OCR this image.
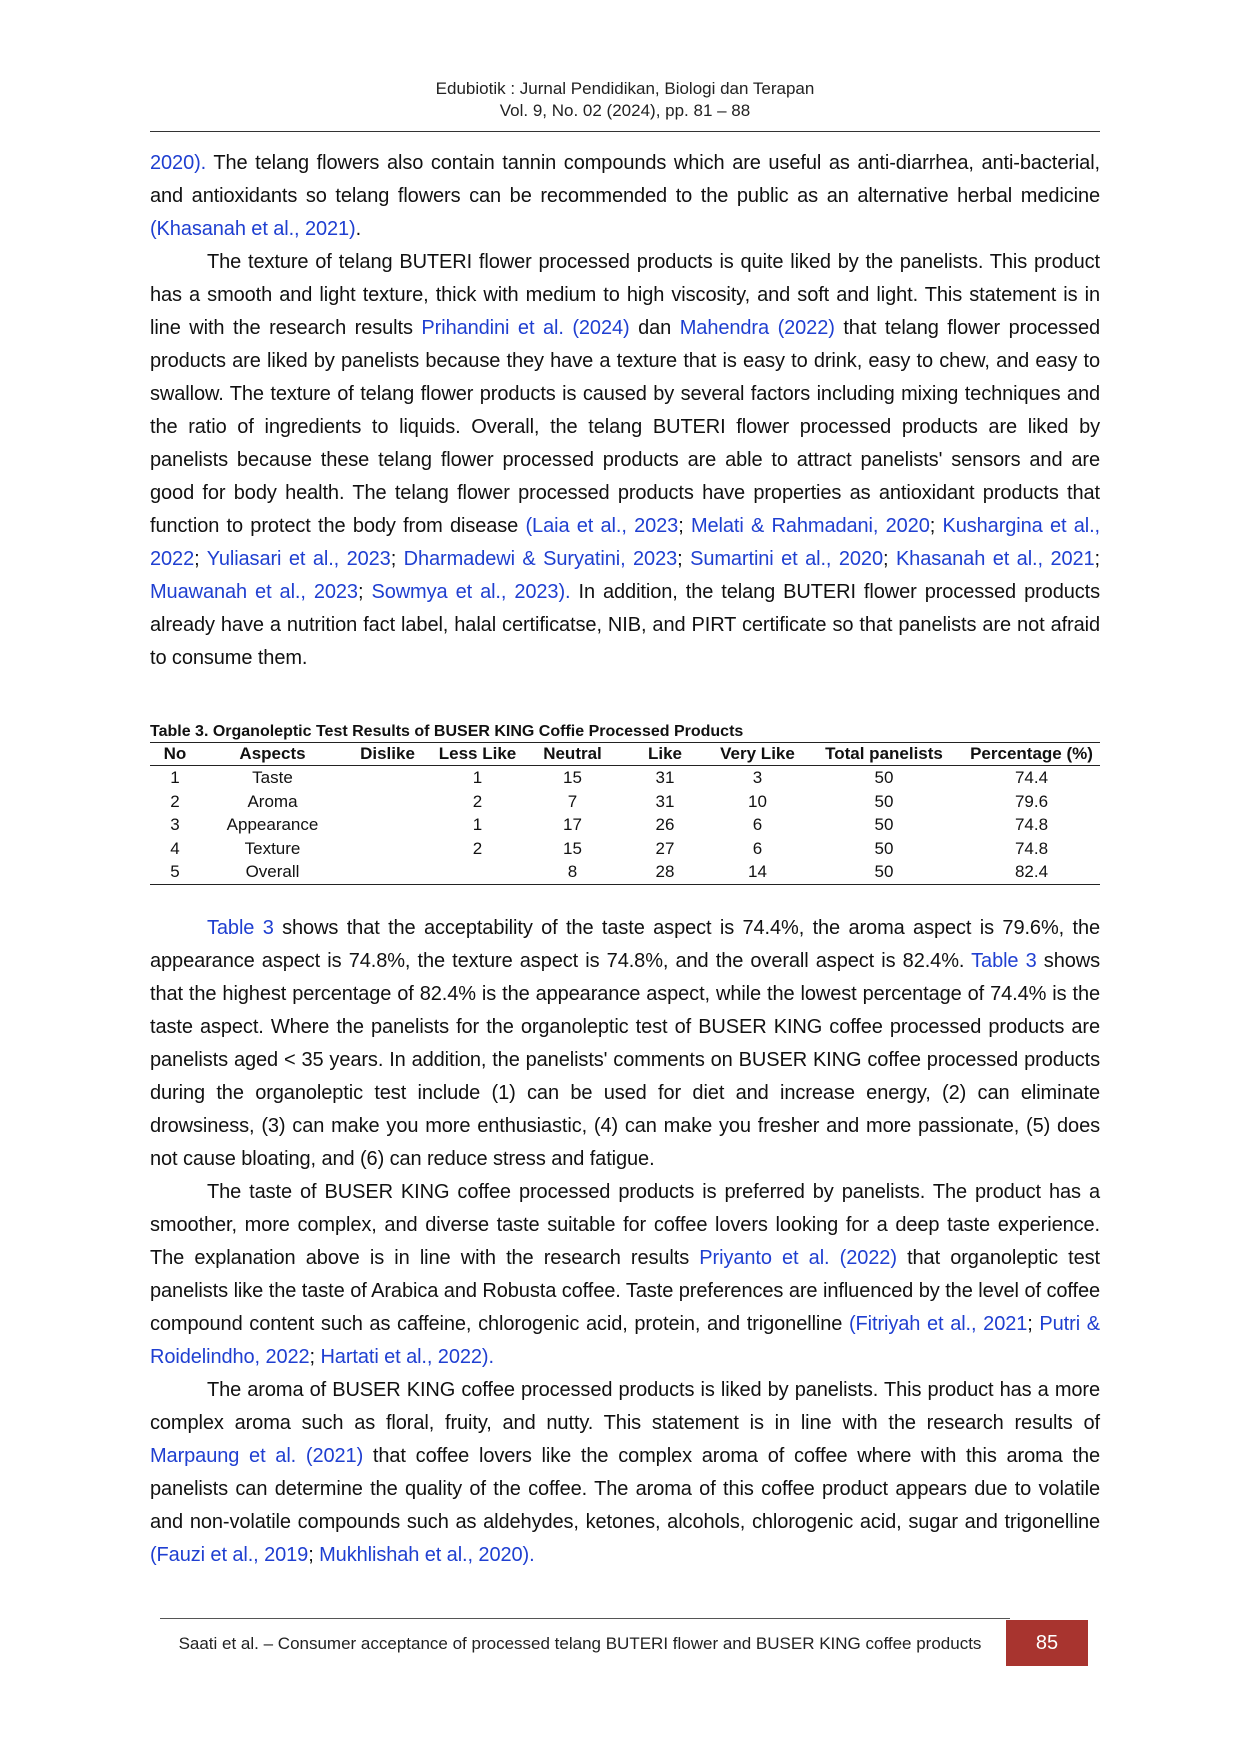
Edubiotik : Jurnal Pendidikan, Biologi dan Terapan
Vol. 9, No. 02 (2024), pp. 81 – 88

2020). The telang flowers also contain tannin compounds which are useful as anti-diarrhea, anti-bacterial, and antioxidants so telang flowers can be recommended to the public as an alternative herbal medicine (Khasanah et al., 2021).

The texture of telang BUTERI flower processed products is quite liked by the panelists. This product has a smooth and light texture, thick with medium to high viscosity, and soft and light. This statement is in line with the research results Prihandini et al. (2024) dan Mahendra (2022) that telang flower processed products are liked by panelists because they have a texture that is easy to drink, easy to chew, and easy to swallow. The texture of telang flower products is caused by several factors including mixing techniques and the ratio of ingredients to liquids. Overall, the telang BUTERI flower processed products are liked by panelists because these telang flower processed products are able to attract panelists' sensors and are good for body health. The telang flower processed products have properties as antioxidant products that function to protect the body from disease (Laia et al., 2023; Melati & Rahmadani, 2020; Kushargina et al., 2022; Yuliasari et al., 2023; Dharmadewi & Suryatini, 2023; Sumartini et al., 2020; Khasanah et al., 2021; Muawanah et al., 2023; Sowmya et al., 2023). In addition, the telang BUTERI flower processed products already have a nutrition fact label, halal certificatse, NIB, and PIRT certificate so that panelists are not afraid to consume them.

Table 3. Organoleptic Test Results of BUSER KING Coffie Processed Products
No	Aspects	Dislike	Less Like	Neutral	Like	Very Like	Total panelists	Percentage (%)
1	Taste		1	15	31	3	50	74.4
2	Aroma		2	7	31	10	50	79.6
3	Appearance		1	17	26	6	50	74.8
4	Texture		2	15	27	6	50	74.8
5	Overall			8	28	14	50	82.4

Table 3 shows that the acceptability of the taste aspect is 74.4%, the aroma aspect is 79.6%, the appearance aspect is 74.8%, the texture aspect is 74.8%, and the overall aspect is 82.4%. Table 3 shows that the highest percentage of 82.4% is the appearance aspect, while the lowest percentage of 74.4% is the taste aspect. Where the panelists for the organoleptic test of BUSER KING coffee processed products are panelists aged < 35 years. In addition, the panelists' comments on BUSER KING coffee processed products during the organoleptic test include (1) can be used for diet and increase energy, (2) can eliminate drowsiness, (3) can make you more enthusiastic, (4) can make you fresher and more passionate, (5) does not cause bloating, and (6) can reduce stress and fatigue.

The taste of BUSER KING coffee processed products is preferred by panelists. The product has a smoother, more complex, and diverse taste suitable for coffee lovers looking for a deep taste experience. The explanation above is in line with the research results Priyanto et al. (2022) that organoleptic test panelists like the taste of Arabica and Robusta coffee. Taste preferences are influenced by the level of coffee compound content such as caffeine, chlorogenic acid, protein, and trigonelline (Fitriyah et al., 2021; Putri & Roidelindho, 2022; Hartati et al., 2022).

The aroma of BUSER KING coffee processed products is liked by panelists. This product has a more complex aroma such as floral, fruity, and nutty. This statement is in line with the research results of Marpaung et al. (2021) that coffee lovers like the complex aroma of coffee where with this aroma the panelists can determine the quality of the coffee. The aroma of this coffee product appears due to volatile and non-volatile compounds such as aldehydes, ketones, alcohols, chlorogenic acid, sugar and trigonelline (Fauzi et al., 2019; Mukhlishah et al., 2020).

Saati et al. – Consumer acceptance of processed telang BUTERI flower and BUSER KING coffee products	85
